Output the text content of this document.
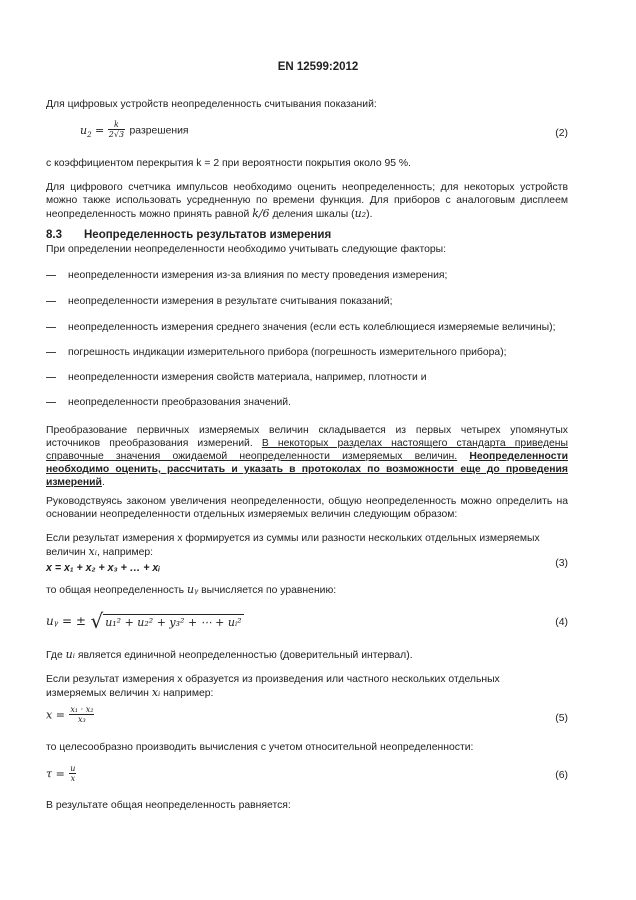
EN 12599:2012
Для цифровых устройств неопределенность считывания показаний:
$u_2 = \frac{k}{2√3}$ разрешения	(2)
с коэффициентом перекрытия k = 2 при вероятности покрытия около 95 %.
Для цифрового счетчика импульсов необходимо оценить неопределенность; для некоторых устройств можно также использовать усредненную по времени функция. Для приборов с аналоговым дисплеем неопределенность можно принять равной k/6 деления шкалы (u₂).
8.3 Неопределенность результатов измерения
При определении неопределенности необходимо учитывать следующие факторы:
неопределенности измерения из-за влияния по месту проведения измерения;
неопределенности измерения в результате считывания показаний;
неопределенность измерения среднего значения (если есть колеблющиеся измеряемые величины);
погрешность индикации измерительного прибора (погрешность измерительного прибора);
неопределенности измерения свойств материала, например, плотности и
неопределенности преобразования значений.
Преобразование первичных измеряемых величин складывается из первых четырех упомянутых источников преобразования измерений. В некоторых разделах настоящего стандарта приведены справочные значения ожидаемой неопределенности измеряемых величин. Неопределенности необходимо оценить, рассчитать и указать в протоколах по возможности еще до проведения измерений.
Руководствуясь законом увеличения неопределенности, общую неопределенность можно определить на основании неопределенности отдельных измеряемых величин следующим образом:
Если результат измерения x формируется из суммы или разности нескольких отдельных измеряемых
величин xᵢ, например:
x = x₁ + x₂ + x₃ + … + xᵢ	(3)
то общая неопределенность uᵧ вычисляется по уравнению:
uᵧ = ± √ u₁² + u₂² + y₃² + ⋯ + uᵢ²	(4)
Где uᵢ является единичной неопределенностью (доверительный интервал).
Если результат измерения х образуется из произведения или частного нескольких отдельных
измеряемых величин xᵢ например:
$x = \frac{\text{x₁ · x₂}}{\text{x₃}}$	(5)
то целесообразно производить вычисления с учетом относительной неопределенности:
$\tau = \frac{u}{x}$	(6)
В результате общая неопределенность равняется:
